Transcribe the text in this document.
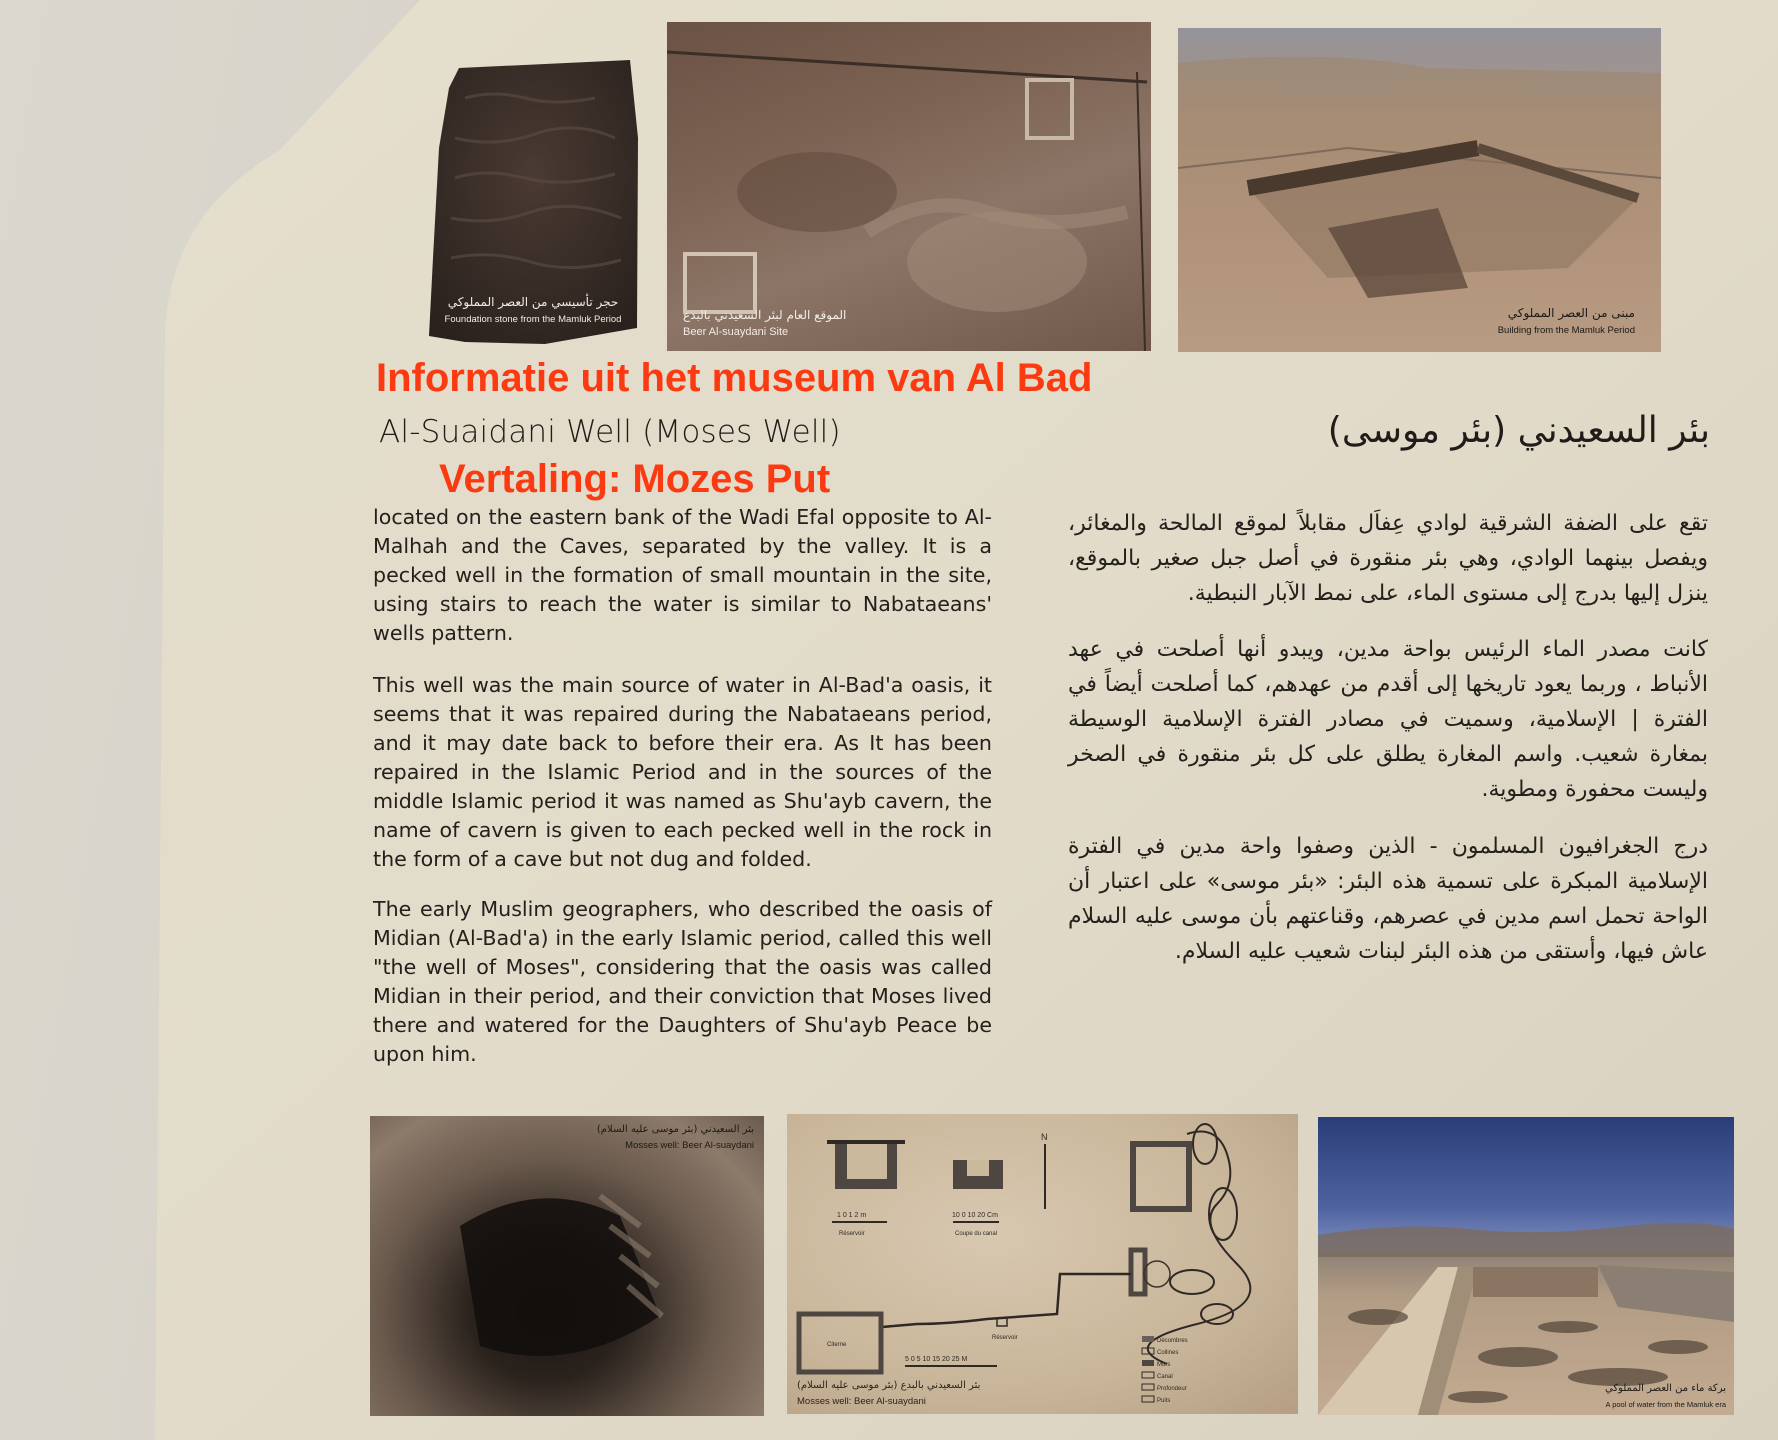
حجر تأسيسي من العصر المملوكي
Foundation stone from the Mamluk Period	الموقع العام لبئر السعيدني بالبدع
Beer Al-suaydani Site
مبنى من العصر المملوكي
Building from the Mamluk Period
Informatie uit het museum van Al Bad
Al-Suaidani Well (Moses Well)
Vertaling: Mozes Put

located on the eastern bank of the Wadi Efal opposite to Al-Malhah and the Caves, separated by the valley. It is a pecked well in the formation of small mountain in the site, using stairs to reach the water is similar to Nabataeans' wells pattern.

This well was the main source of water in Al-Bad'a oasis, it seems that it was repaired during the Nabataeans period, and it may date back to before their era. As It has been repaired in the Islamic Period and in the sources of the middle Islamic period it was named as Shu'ayb cavern, the name of cavern is given to each pecked well in the rock in the form of a cave but not dug and folded.

The early Muslim geographers, who described the oasis of Midian (Al-Bad'a) in the early Islamic period, called this well "the well of Moses", considering that the oasis was called Midian in their period, and their conviction that Moses lived there and watered for the Daughters of Shu'ayb Peace be upon him.

بئر السعيدني (بئر موسى)

تقع على الضفة الشرقية لوادي عِفاَل مقابلاً لموقع المالحة والمغائر، ويفصل بينهما الوادي، وهي بئر منقورة في أصل جبل صغير بالموقع، ينزل إليها بدرج إلى مستوى الماء، على نمط الآبار النبطية.

كانت مصدر الماء الرئيس بواحة مدين، ويبدو أنها أصلحت في عهد الأنباط ، وربما يعود تاريخها إلى أقدم من عهدهم، كما أصلحت أيضاً في الفترة | الإسلامية، وسميت في مصادر الفترة الإسلامية الوسيطة بمغارة شعيب. واسم المغارة يطلق على كل بئر منقورة في الصخر وليست محفورة ومطوية.

درج الجغرافيون المسلمون - الذين وصفوا واحة مدين في الفترة الإسلامية المبكرة على تسمية هذه البئر: «بئر موسى» على اعتبار أن الواحة تحمل اسم مدين في عصرهم، وقناعتهم بأن موسى عليه السلام عاش فيها، وأستقى من هذه البئر لبنات شعيب عليه السلام.

بئر السعيدني (بئر موسى عليه السلام)
Mosses well: Beer Al-suaydani
N
1 0 1 2 m
Réservoir
10 0 10 20 Cm
Coupe du canal
Réservoir
Citerne
5 0 5 10 15 20 25 M
Décombres
Collines
Murs
Canal
Profondeur
Puits
بئر السعيدني بالبدع (بئر موسى عليه السلام)
Mosses well: Beer Al-suaydani
بركة ماء من العصر المملوكي
A pool of water from the Mamluk era
